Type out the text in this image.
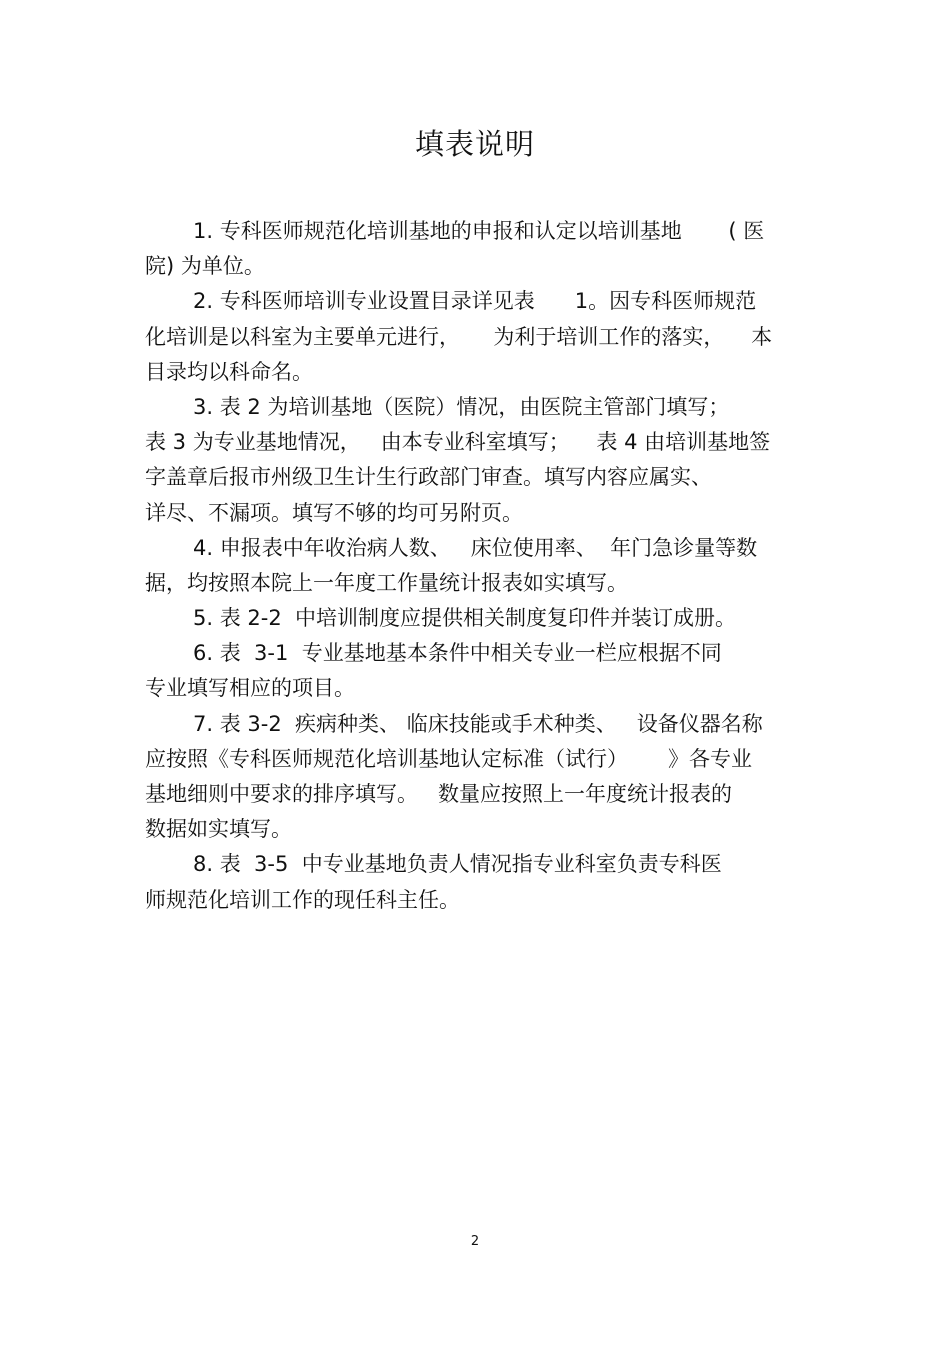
填表说明
1. 专科医师规范化培训基地的申报和认定以培训基地       ( 医
院) 为单位。
2. 专科医师培训专业设置目录详见表      1。因专科医师规范
化培训是以科室为主要单元进行，     为利于培训工作的落实，    本
目录均以科命名。
3. 表 2 为培训基地（医院）情况，由医院主管部门填写；
表 3 为专业基地情况，   由本专业科室填写；    表 4 由培训基地签
字盖章后报市州级卫生计生行政部门审查。填写内容应属实、
详尽、不漏项。填写不够的均可另附页。
4. 申报表中年收治病人数、   床位使用率、  年门急诊量等数
据，均按照本院上一年度工作量统计报表如实填写。
5. 表 2-2  中培训制度应提供相关制度复印件并装订成册。
6. 表  3-1  专业基地基本条件中相关专业一栏应根据不同
专业填写相应的项目。
7. 表 3-2  疾病种类、 临床技能或手术种类、   设备仪器名称
应按照《专科医师规范化培训基地认定标准（试行）      》各专业
基地细则中要求的排序填写。   数量应按照上一年度统计报表的
数据如实填写。
8. 表  3-5  中专业基地负责人情况指专业科室负责专科医
师规范化培训工作的现任科主任。
2
